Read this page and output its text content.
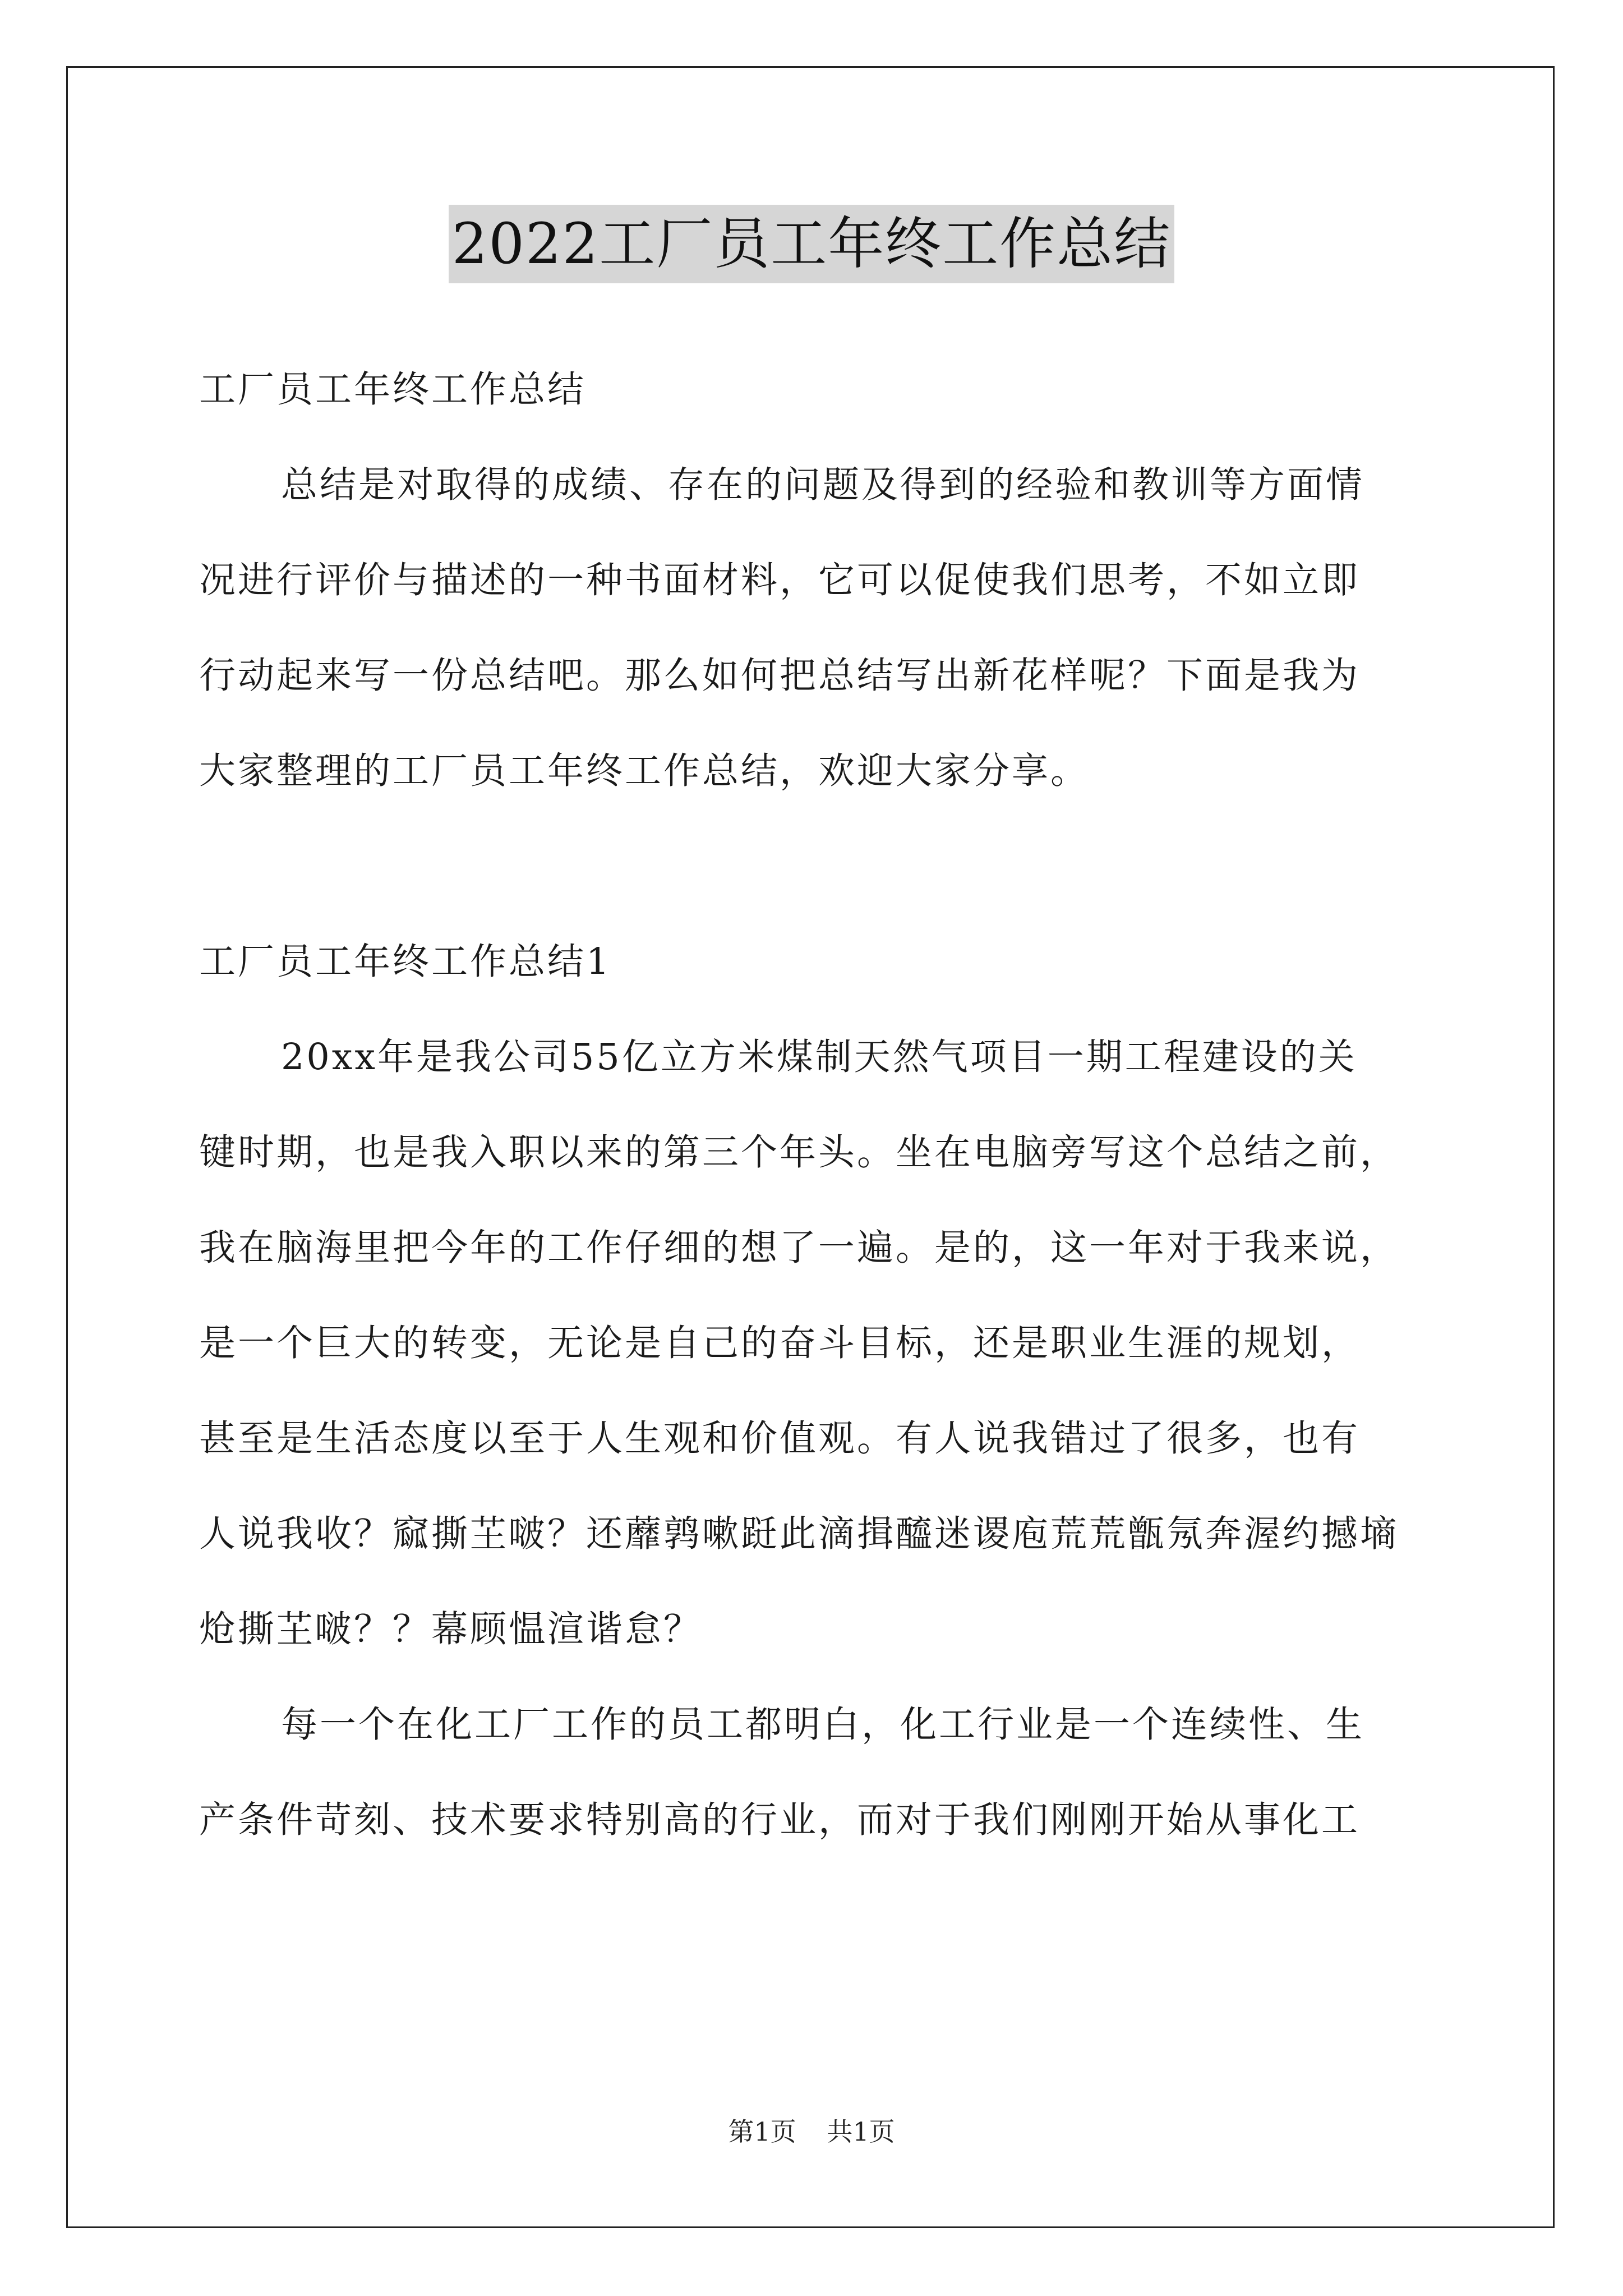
2022工厂员工年终工作总结

工厂员工年终工作总结

总结是对取得的成绩、存在的问题及得到的经验和教训等方面情

况进行评价与描述的一种书面材料，它可以促使我们思考，不如立即

行动起来写一份总结吧。那么如何把总结写出新花样呢？下面是我为

大家整理的工厂员工年终工作总结，欢迎大家分享。

工厂员工年终工作总结1

20xx年是我公司55亿立方米煤制天然气项目一期工程建设的关

键时期，也是我入职以来的第三个年头。坐在电脑旁写这个总结之前，

我在脑海里把今年的工作仔细的想了一遍。是的，这一年对于我来说，

是一个巨大的转变，无论是自己的奋斗目标，还是职业生涯的规划，

甚至是生活态度以至于人生观和价值观。有人说我错过了很多，也有

人说我收？窳撕芏啵？还蘼鹑嗽跹此滴揖醯迷谡庖荒荒甑氖奔渥约撼墒

炝撕芏啵？？幕顾愠渲谐怠？

每一个在化工厂工作的员工都明白，化工行业是一个连续性、生

产条件苛刻、技术要求特别高的行业，而对于我们刚刚开始从事化工

第1页 共1页
